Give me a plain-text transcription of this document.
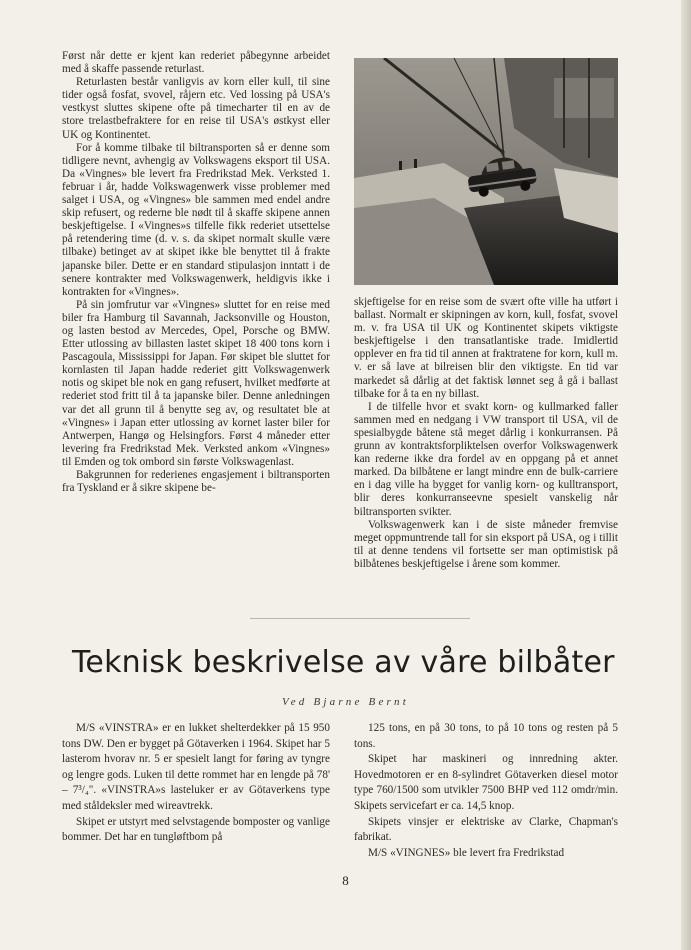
Først når dette er kjent kan rederiet påbegynne arbeidet med å skaffe passende returlast.

Returlasten består vanligvis av korn eller kull, til sine tider også fosfat, svovel, råjern etc. Ved lossing på USA's vestkyst sluttes skipene ofte på timecharter til en av de store trelastbefraktere for en reise til USA's østkyst eller UK og Kontinentet.

For å komme tilbake til biltransporten så er denne som tidligere nevnt, avhengig av Volkswagens eksport til USA. Da «Vingnes» ble levert fra Fredrikstad Mek. Verksted 1. februar i år, hadde Volkswagenwerk visse problemer med salget i USA, og «Vingnes» ble sammen med endel andre skip refusert, og rederne ble nødt til å skaffe skipene annen beskjeftigelse. I «Vingnes»s tilfelle fikk rederiet utsettelse på retendering time (d. v. s. da skipet normalt skulle være tilbake) betinget av at skipet ikke ble benyttet til å frakte japanske biler. Dette er en standard stipulasjon inntatt i de senere kontrakter med Volkswagenwerk, heldigvis ikke i kontrakten for «Vingnes».

På sin jomfrutur var «Vingnes» sluttet for en reise med biler fra Hamburg til Savannah, Jacksonville og Houston, og lasten bestod av Mercedes, Opel, Porsche og BMW. Etter utlossing av billasten lastet skipet 18 400 tons korn i Pascagoula, Mississippi for Japan. Før skipet ble sluttet for kornlasten til Japan hadde rederiet gitt Volkswagenwerk notis og skipet ble nok en gang refusert, hvilket medførte at rederiet stod fritt til å ta japanske biler. Denne anledningen var det all grunn til å benytte seg av, og resultatet ble at «Vingnes» i Japan etter utlossing av kornet laster biler for Antwerpen, Hangø og Helsingfors. Først 4 måneder etter levering fra Fredrikstad Mek. Verksted ankom «Vingnes» til Emden og tok ombord sin første Volkswagenlast.

Bakgrunnen for rederienes engasjement i biltransporten fra Tyskland er å sikre skipene be-

skjeftigelse for en reise som de svært ofte ville ha utført i ballast. Normalt er skipningen av korn, kull, fosfat, svovel m. v. fra USA til UK og Kontinentet skipets viktigste beskjeftigelse i den transatlantiske trade. Imidlertid opplever en fra tid til annen at fraktratene for korn, kull m. v. er så lave at bilreisen blir den viktigste. En tid var markedet så dårlig at det faktisk lønnet seg å gå i ballast tilbake for å ta en ny billast.

I de tilfelle hvor et svakt korn- og kullmarked faller sammen med en nedgang i VW transport til USA, vil de spesialbygde båtene stå meget dårlig i konkurransen. På grunn av kontraktsforpliktelsen overfor Volkswagenwerk kan rederne ikke dra fordel av en oppgang på et annet marked. Da bilbåtene er langt mindre enn de bulk-carriere en i dag ville ha bygget for vanlig korn- og kulltransport, blir deres konkurranseevne spesielt vanskelig når biltransporten svikter.

Volkswagenwerk kan i de siste måneder fremvise meget oppmuntrende tall for sin eksport på USA, og i tillit til at denne tendens vil fortsette ser man optimistisk på bilbåtenes beskjeftigelse i årene som kommer.

Teknisk beskrivelse av våre bilbåter
Ved Bjarne Bernt

M/S «VINSTRA» er en lukket shelterdekker på 15 950 tons DW. Den er bygget på Götaverken i 1964. Skipet har 5 lasterom hvorav nr. 5 er spesielt langt for føring av tyngre og lengre gods. Luken til dette rommet har en lengde på 78' – 7³/₄". «VINSTRA»s lasteluker er av Götaverkens type med ståldeksler med wireavtrekk.

Skipet er utstyrt med selvstagende bomposter og vanlige bommer. Det har en tungløftbom på

125 tons, en på 30 tons, to på 10 tons og resten på 5 tons.

Skipet har maskineri og innredning akter. Hovedmotoren er en 8-sylindret Götaverken diesel motor type 760/1500 som utvikler 7500 BHP ved 112 omdr/min. Skipets servicefart er ca. 14,5 knop.

Skipets vinsjer er elektriske av Clarke, Chapman's fabrikat.

M/S «VINGNES» ble levert fra Fredrikstad

8
